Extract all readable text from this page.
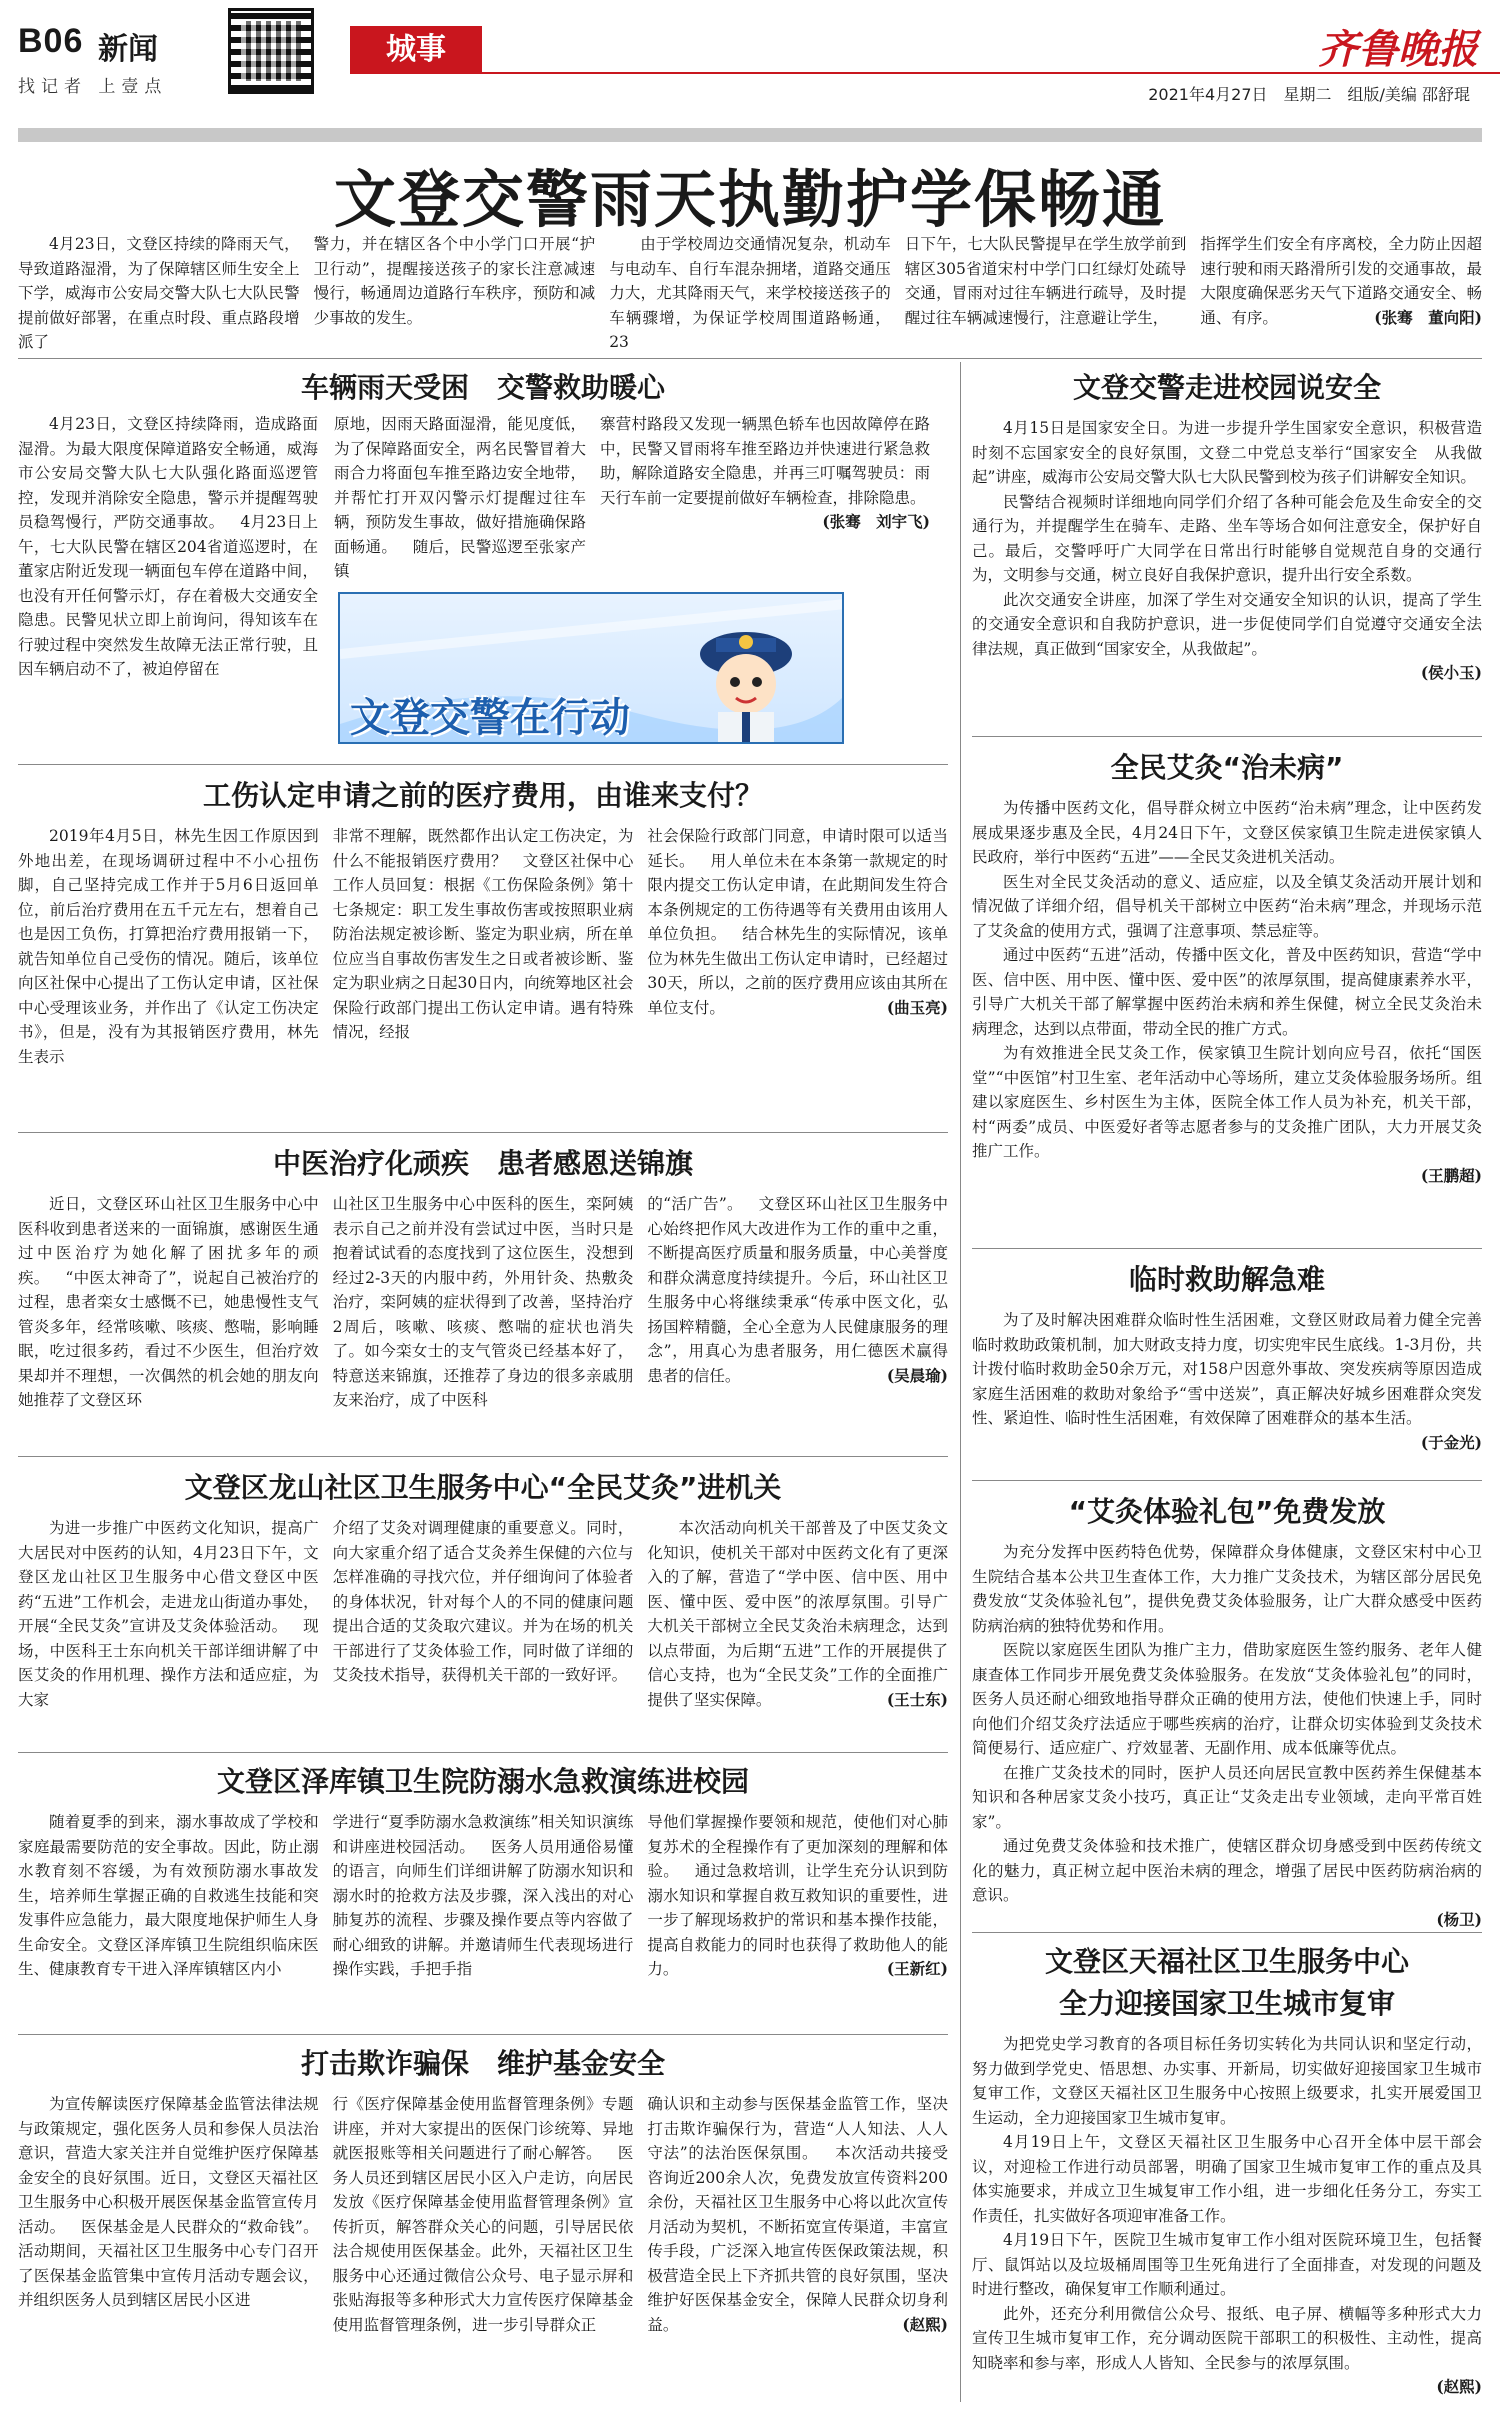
B06 新闻
找记者 上壹点
城事	齐鲁晚报
2021年4月27日　星期二　组版/美编 邵舒琨
文登交警雨天执勤护学保畅通
4月23日，文登区持续的降雨天气，导致道路湿滑，为了保障辖区师生安全上下学，威海市公安局交警大队七大队民警提前做好部署，在重点时段、重点路段增派了
警力，并在辖区各个中小学门口开展“护卫行动”，提醒接送孩子的家长注意减速慢行，畅通周边道路行车秩序，预防和减少事故的发生。
由于学校周边交通情况复杂，机动车与电动车、自行车混杂拥堵，道路交通压力大，尤其降雨天气，来学校接送孩子的车辆骤增，为保证学校周围道路畅通，23
日下午，七大队民警提早在学生放学前到辖区305省道宋村中学门口红绿灯处疏导交通，冒雨对过往车辆进行疏导，及时提醒过往车辆减速慢行，注意避让学生，
指挥学生们安全有序离校，全力防止因超速行驶和雨天路滑所引发的交通事故，最大限度确保恶劣天气下道路交通安全、畅通、有序。	(张骞　董向阳)
车辆雨天受困　交警救助暖心
4月23日，文登区持续降雨，造成路面湿滑。为最大限度保障道路安全畅通，威海市公安局交警大队七大队强化路面巡逻管控，发现并消除安全隐患，警示并提醒驾驶员稳驾慢行，严防交通事故。   4月23日上午，七大队民警在辖区204省道巡逻时，在董家店附近发现一辆面包车停在道路中间，也没有开任何警示灯，存在着极大交通安全隐患。民警见状立即上前询问，得知该车在行驶过程中突然发生故障无法正常行驶，且因车辆启动不了，被迫停留在
原地，因雨天路面湿滑，能见度低，为了保障路面安全，两名民警冒着大雨合力将面包车推至路边安全地带，并帮忙打开双闪警示灯提醒过往车辆，预防发生事故，做好措施确保路面畅通。   随后，民警巡逻至张家产镇
寨营村路段又发现一辆黑色轿车也因故障停在路中，民警又冒雨将车推至路边并快速进行紧急救助，解除道路安全隐患，并再三叮嘱驾驶员：雨天行车前一定要提前做好车辆检查，排除隐患。
(张骞　刘宇飞)
文登交警在行动
工伤认定申请之前的医疗费用，由谁来支付？
2019年4月5日，林先生因工作原因到外地出差，在现场调研过程中不小心扭伤脚，自己坚持完成工作并于5月6日返回单位，前后治疗费用在五千元左右，想着自己也是因工负伤，打算把治疗费用报销一下，就告知单位自己受伤的情况。随后，该单位向区社保中心提出了工伤认定申请，区社保中心受理该业务，并作出了《认定工伤决定书》，但是，没有为其报销医疗费用，林先生表示
非常不理解，既然都作出认定工伤决定，为什么不能报销医疗费用？   文登区社保中心工作人员回复：根据《工伤保险条例》第十七条规定：职工发生事故伤害或按照职业病防治法规定被诊断、鉴定为职业病，所在单位应当自事故伤害发生之日或者被诊断、鉴定为职业病之日起30日内，向统筹地区社会保险行政部门提出工伤认定申请。遇有特殊情况，经报
社会保险行政部门同意，申请时限可以适当延长。   用人单位未在本条第一款规定的时限内提交工伤认定申请，在此期间发生符合本条例规定的工伤待遇等有关费用由该用人单位负担。   结合林先生的实际情况，该单位为林先生做出工伤认定申请时，已经超过30天，所以，之前的医疗费用应该由其所在单位支付。	(曲玉亮)
中医治疗化顽疾　患者感恩送锦旗
近日，文登区环山社区卫生服务中心中医科收到患者送来的一面锦旗，感谢医生通过中医治疗为她化解了困扰多年的顽疾。   “中医太神奇了”，说起自己被治疗的过程，患者栾女士感慨不已，她患慢性支气管炎多年，经常咳嗽、咳痰、憋喘，影响睡眠，吃过很多药，看过不少医生，但治疗效果却并不理想，一次偶然的机会她的朋友向她推荐了文登区环
山社区卫生服务中心中医科的医生，栾阿姨表示自己之前并没有尝试过中医，当时只是抱着试试看的态度找到了这位医生，没想到经过2-3天的内服中药，外用针灸、热敷灸治疗，栾阿姨的症状得到了改善，坚持治疗2周后，咳嗽、咳痰、憋喘的症状也消失了。如今栾女士的支气管炎已经基本好了，特意送来锦旗，还推荐了身边的很多亲戚朋友来治疗，成了中医科
的“活广告”。   文登区环山社区卫生服务中心始终把作风大改进作为工作的重中之重，不断提高医疗质量和服务质量，中心美誉度和群众满意度持续提升。今后，环山社区卫生服务中心将继续秉承“传承中医文化，弘扬国粹精髓，全心全意为人民健康服务的理念”，用真心为患者服务，用仁德医术赢得患者的信任。	(吴晨瑜)
文登区龙山社区卫生服务中心“全民艾灸”进机关
为进一步推广中医药文化知识，提高广大居民对中医药的认知，4月23日下午，文登区龙山社区卫生服务中心借文登区中医药“五进”工作机会，走进龙山街道办事处，开展“全民艾灸”宣讲及艾灸体验活动。   现场，中医科王士东向机关干部详细讲解了中医艾灸的作用机理、操作方法和适应症，为大家
介绍了艾灸对调理健康的重要意义。同时，向大家重介绍了适合艾灸养生保健的六位与怎样准确的寻找穴位，并仔细询问了体验者的身体状况，针对每个人的不同的健康问题提出合适的艾灸取穴建议。并为在场的机关干部进行了艾灸体验工作，同时做了详细的艾灸技术指导，获得机关干部的一致好评。
本次活动向机关干部普及了中医艾灸文化知识，使机关干部对中医药文化有了更深入的了解，营造了“学中医、信中医、用中医、懂中医、爱中医”的浓厚氛围。引导广大机关干部树立全民艾灸治未病理念，达到以点带面，为后期“五进”工作的开展提供了信心支持，也为“全民艾灸”工作的全面推广提供了坚实保障。	(王士东)
文登区泽库镇卫生院防溺水急救演练进校园
随着夏季的到来，溺水事故成了学校和家庭最需要防范的安全事故。因此，防止溺水教育刻不容缓，为有效预防溺水事故发生，培养师生掌握正确的自救逃生技能和突发事件应急能力，最大限度地保护师生人身生命安全。文登区泽库镇卫生院组织临床医生、健康教育专干进入泽库镇辖区内小
学进行“夏季防溺水急救演练”相关知识演练和讲座进校园活动。   医务人员用通俗易懂的语言，向师生们详细讲解了防溺水知识和溺水时的抢救方法及步骤，深入浅出的对心肺复苏的流程、步骤及操作要点等内容做了耐心细致的讲解。并邀请师生代表现场进行操作实践，手把手指
导他们掌握操作要领和规范，使他们对心肺复苏术的全程操作有了更加深刻的理解和体验。   通过急救培训，让学生充分认识到防溺水知识和掌握自救互救知识的重要性，进一步了解现场救护的常识和基本操作技能，提高自救能力的同时也获得了救助他人的能力。	(王新红)
打击欺诈骗保　维护基金安全
为宣传解读医疗保障基金监管法律法规与政策规定，强化医务人员和参保人员法治意识，营造大家关注并自觉维护医疗保障基金安全的良好氛围。近日，文登区天福社区卫生服务中心积极开展医保基金监管宣传月活动。   医保基金是人民群众的“救命钱”。活动期间，天福社区卫生服务中心专门召开了医保基金监管集中宣传月活动专题会议，并组织医务人员到辖区居民小区进
行《医疗保障基金使用监督管理条例》专题讲座，并对大家提出的医保门诊统筹、异地就医报账等相关问题进行了耐心解答。   医务人员还到辖区居民小区入户走访，向居民发放《医疗保障基金使用监督管理条例》宣传折页，解答群众关心的问题，引导居民依法合规使用医保基金。此外，天福社区卫生服务中心还通过微信公众号、电子显示屏和张贴海报等多种形式大力宣传医疗保障基金使用监督管理条例，进一步引导群众正
确认识和主动参与医保基金监管工作，坚决打击欺诈骗保行为，营造“人人知法、人人守法”的法治医保氛围。   本次活动共接受咨询近200余人次，免费发放宣传资料200余份，天福社区卫生服务中心将以此次宣传月活动为契机，不断拓宽宣传渠道，丰富宣传手段，广泛深入地宣传医保政策法规，积极营造全民上下齐抓共管的良好氛围，坚决维护好医保基金安全，保障人民群众切身利益。	(赵熙)
文登交警走进校园说安全

4月15日是国家安全日。为进一步提升学生国家安全意识，积极营造时刻不忘国家安全的良好氛围，文登二中党总支举行“国家安全　从我做起”讲座，威海市公安局交警大队七大队民警到校为孩子们讲解安全知识。

民警结合视频时详细地向同学们介绍了各种可能会危及生命安全的交通行为，并提醒学生在骑车、走路、坐车等场合如何注意安全，保护好自己。最后，交警呼吁广大同学在日常出行时能够自觉规范自身的交通行为，文明参与交通，树立良好自我保护意识，提升出行安全系数。

此次交通安全讲座，加深了学生对交通安全知识的认识，提高了学生的交通安全意识和自我防护意识，进一步促使同学们自觉遵守交通安全法律法规，真正做到“国家安全，从我做起”。

(侯小玉)
全民艾灸“治未病”

为传播中医药文化，倡导群众树立中医药“治未病”理念，让中医药发展成果逐步惠及全民，4月24日下午，文登区侯家镇卫生院走进侯家镇人民政府，举行中医药“五进”——全民艾灸进机关活动。

医生对全民艾灸活动的意义、适应症，以及全镇艾灸活动开展计划和情况做了详细介绍，倡导机关干部树立中医药“治未病”理念，并现场示范了艾灸盒的使用方式，强调了注意事项、禁忌症等。

通过中医药“五进”活动，传播中医文化，普及中医药知识，营造“学中医、信中医、用中医、懂中医、爱中医”的浓厚氛围，提高健康素养水平，引导广大机关干部了解掌握中医药治未病和养生保健，树立全民艾灸治未病理念，达到以点带面，带动全民的推广方式。

为有效推进全民艾灸工作，侯家镇卫生院计划向应号召，依托“国医堂”“中医馆”村卫生室、老年活动中心等场所，建立艾灸体验服务场所。组建以家庭医生、乡村医生为主体，医院全体工作人员为补充，机关干部，村“两委”成员、中医爱好者等志愿者参与的艾灸推广团队，大力开展艾灸推广工作。

(王鹏超)
临时救助解急难

为了及时解决困难群众临时性生活困难，文登区财政局着力健全完善临时救助政策机制，加大财政支持力度，切实兜牢民生底线。1-3月份，共计拨付临时救助金50余万元，对158户因意外事故、突发疾病等原因造成家庭生活困难的救助对象给予“雪中送炭”，真正解决好城乡困难群众突发性、紧迫性、临时性生活困难，有效保障了困难群众的基本生活。

(于金光)
“艾灸体验礼包”免费发放

为充分发挥中医药特色优势，保障群众身体健康，文登区宋村中心卫生院结合基本公共卫生查体工作，大力推广艾灸技术，为辖区部分居民免费发放“艾灸体验礼包”，提供免费艾灸体验服务，让广大群众感受中医药防病治病的独特优势和作用。

医院以家庭医生团队为推广主力，借助家庭医生签约服务、老年人健康查体工作同步开展免费艾灸体验服务。在发放“艾灸体验礼包”的同时，医务人员还耐心细致地指导群众正确的使用方法，使他们快速上手，同时向他们介绍艾灸疗法适应于哪些疾病的治疗，让群众切实体验到艾灸技术简便易行、适应症广、疗效显著、无副作用、成本低廉等优点。

在推广艾灸技术的同时，医护人员还向居民宣教中医药养生保健基本知识和各种居家艾灸小技巧，真正让“艾灸走出专业领域，走向平常百姓家”。

通过免费艾灸体验和技术推广，使辖区群众切身感受到中医药传统文化的魅力，真正树立起中医治未病的理念，增强了居民中医药防病治病的意识。

(杨卫)
文登区天福社区卫生服务中心
全力迎接国家卫生城市复审

为把党史学习教育的各项目标任务切实转化为共同认识和坚定行动，努力做到学党史、悟思想、办实事、开新局，切实做好迎接国家卫生城市复审工作，文登区天福社区卫生服务中心按照上级要求，扎实开展爱国卫生运动，全力迎接国家卫生城市复审。

4月19日上午，文登区天福社区卫生服务中心召开全体中层干部会议，对迎检工作进行动员部署，明确了国家卫生城市复审工作的重点及具体实施要求，并成立卫生城复审工作小组，进一步细化任务分工，夯实工作责任，扎实做好各项迎审准备工作。

4月19日下午，医院卫生城市复审工作小组对医院环境卫生，包括餐厅、鼠饵站以及垃圾桶周围等卫生死角进行了全面排查，对发现的问题及时进行整改，确保复审工作顺利通过。

此外，还充分利用微信公众号、报纸、电子屏、横幅等多种形式大力宣传卫生城市复审工作，充分调动医院干部职工的积极性、主动性，提高知晓率和参与率，形成人人皆知、全民参与的浓厚氛围。

(赵熙)
